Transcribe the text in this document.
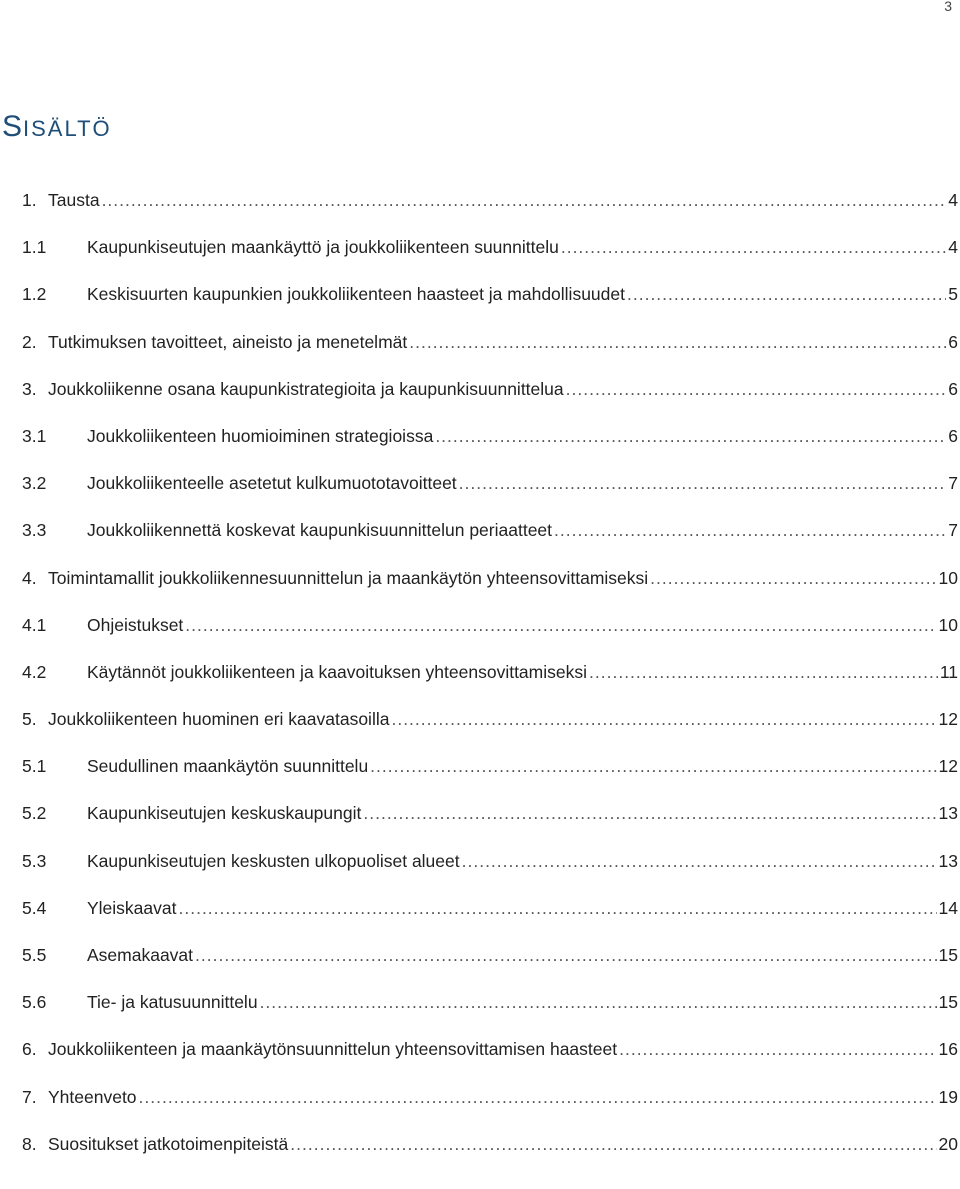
3
SISÄLTÖ
1. Tausta .....	4
1.1	Kaupunkiseutujen maankäyttö ja joukkoliikenteen suunnittelu .....	4
1.2	Keskisuurten kaupunkien joukkoliikenteen haasteet ja mahdollisuudet .....	5
2. Tutkimuksen tavoitteet, aineisto ja menetelmät .....	6
3. Joukkoliikenne osana kaupunkistrategioita ja kaupunkisuunnittelua .....	6
3.1	Joukkoliikenteen huomioiminen strategioissa .....	6
3.2	Joukkoliikenteelle asetetut kulkumuototavoitteet .....	7
3.3	Joukkoliikennettä koskevat kaupunkisuunnittelun periaatteet .....	7
4. Toimintamallit joukkoliikennesuunnittelun ja maankäytön yhteensovittamiseksi .....	10
4.1	Ohjeistukset .....	10
4.2	Käytännöt joukkoliikenteen ja kaavoituksen yhteensovittamiseksi .....	11
5. Joukkoliikenteen huominen eri kaavatasoilla .....	12
5.1	Seudullinen maankäytön suunnittelu .....	12
5.2	Kaupunkiseutujen keskuskaupungit .....	13
5.3	Kaupunkiseutujen keskusten ulkopuoliset alueet .....	13
5.4	Yleiskaavat .....	14
5.5	Asemakaavat .....	15
5.6	Tie- ja katusuunnittelu .....	15
6. Joukkoliikenteen ja maankäytönsuunnittelun yhteensovittamisen haasteet .....	16
7. Yhteenveto .....	19
8. Suositukset jatkotoimenpiteistä .....	20
